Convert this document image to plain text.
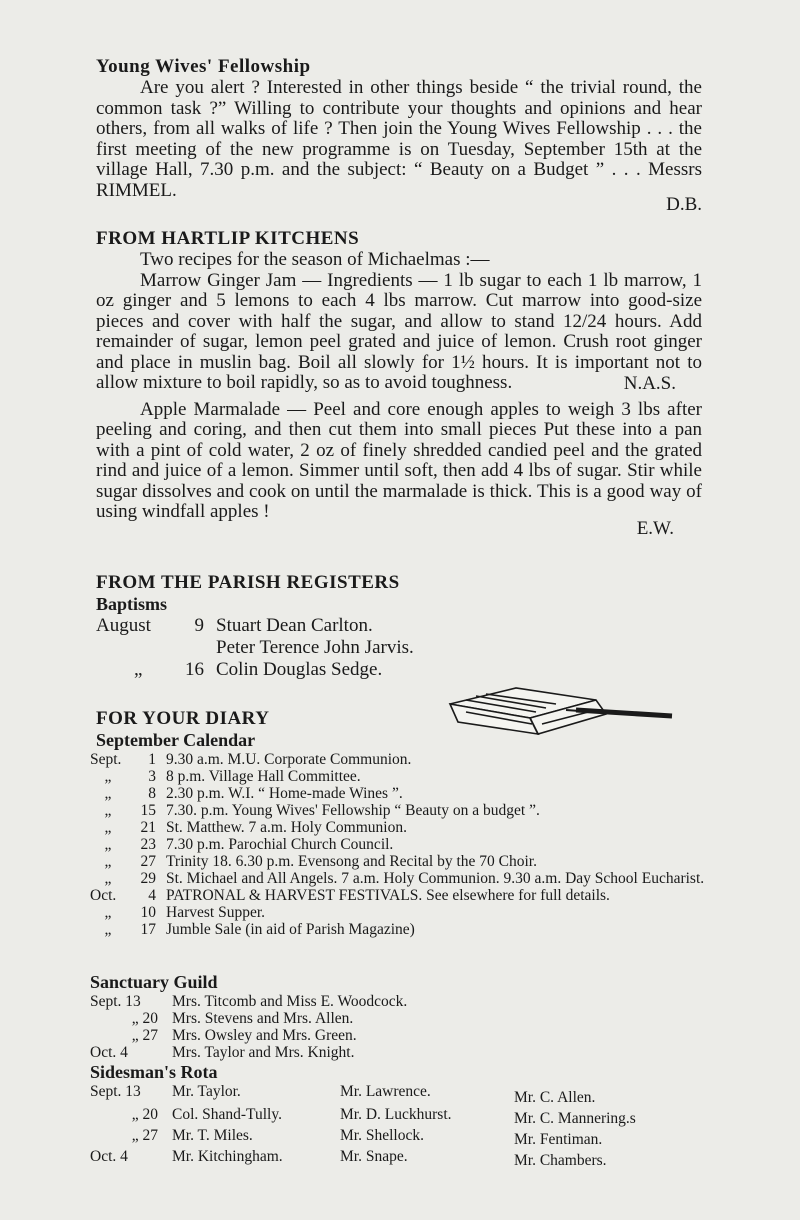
Young Wives' Fellowship

Are you alert ? Interested in other things beside “ the trivial round, the common task ?” Willing to contribute your thoughts and opinions and hear others, from all walks of life ? Then join the Young Wives Fellowship . . . the first meeting of the new programme is on Tuesday, September 15th at the village Hall, 7.30 p.m. and the subject: “ Beauty on a Budget ” . . . Messrs RIMMEL.

D.B.
FROM HARTLIP KITCHENS

Two recipes for the season of Michaelmas :—

Marrow Ginger Jam — Ingredients — 1 lb sugar to each 1 lb marrow, 1 oz ginger and 5 lemons to each 4 lbs marrow. Cut marrow into good-size pieces and cover with half the sugar, and allow to stand 12/24 hours. Add remainder of sugar, lemon peel grated and juice of lemon. Crush root ginger and place in muslin bag. Boil all slowly for 1½ hours. It is important not to allow mixture to boil rapidly, so as to avoid toughness.	N.A.S.

Apple Marmalade — Peel and core enough apples to weigh 3 lbs after peeling and coring, and then cut them into small pieces Put these into a pan with a pint of cold water, 2 oz of finely shredded candied peel and the grated rind and juice of a lemon. Simmer until soft, then add 4 lbs of sugar. Stir while sugar dissolves and cook on until the marmalade is thick. This is a good way of using windfall apples !

E.W.
FROM THE PARISH REGISTERS
Baptisms
August	9	Stuart Dean Carlton.
		Peter Terence John Jarvis.
„	16	Colin Douglas Sedge.
FOR YOUR DIARY
September Calendar
Sept.	1	9.30 a.m. M.U. Corporate Communion.
„	3	8 p.m. Village Hall Committee.
„	8	2.30 p.m. W.I. “ Home-made Wines ”.
„	15	7.30. p.m. Young Wives' Fellowship “ Beauty on a budget ”.
„	21	St. Matthew. 7 a.m. Holy Communion.
„	23	7.30 p.m. Parochial Church Council.
„	27	Trinity 18. 6.30 p.m. Evensong and Recital by the 70 Choir.
„	29	St. Michael and All Angels. 7 a.m. Holy Communion. 9.30 a.m. Day School Eucharist.
Oct.	4	PATRONAL & HARVEST FESTIVALS. See elsewhere for full details.
„	10	Harvest Supper.
„	17	Jumble Sale (in aid of Parish Magazine)
Sanctuary Guild
Sept. 13	Mrs. Titcomb and Miss E. Woodcock.
„ 20	Mrs. Stevens and Mrs. Allen.
„ 27	Mrs. Owsley and Mrs. Green.
Oct. 4	Mrs. Taylor and Mrs. Knight.
Sidesman's Rota
Sept. 13	Mr. Taylor.	Mr. Lawrence.	Mr. C. Allen.
„ 20	Col. Shand-Tully.	Mr. D. Luckhurst.	Mr. C. Mannering.s
„ 27	Mr. T. Miles.	Mr. Shellock.	Mr. Fentiman.
Oct. 4	Mr. Kitchingham.	Mr. Snape.	Mr. Chambers.
